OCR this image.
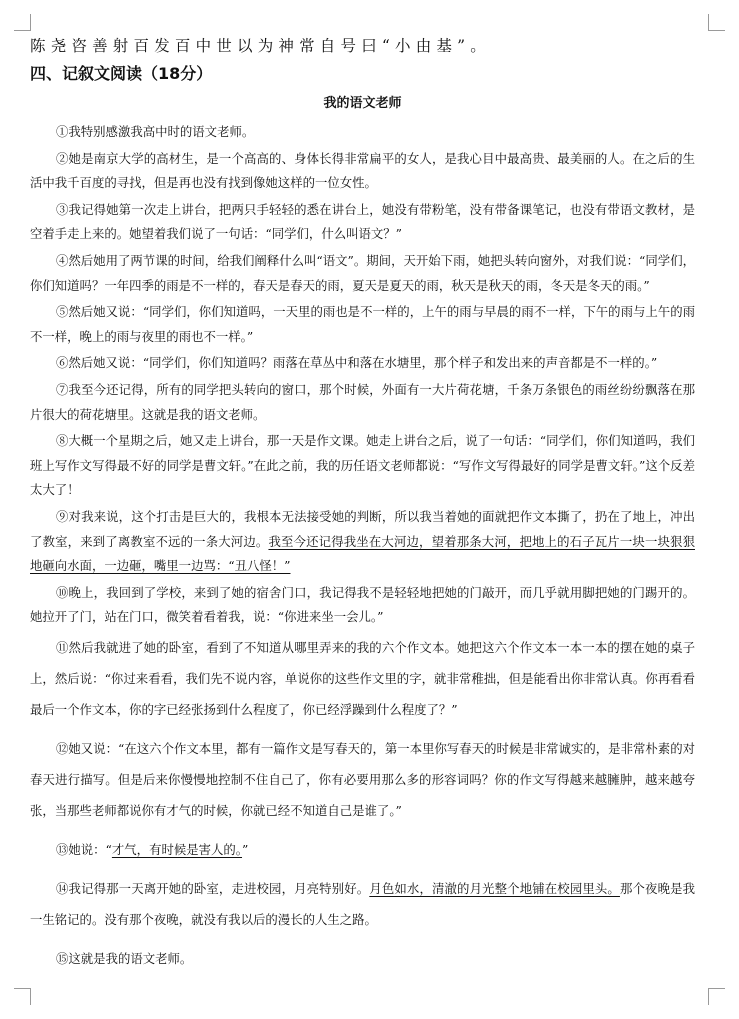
陈尧咨善射百发百中世以为神常自号曰“小由基”。

四、记叙文阅读（18分）

我的语文老师

①我特别感激我高中时的语文老师。

②她是南京大学的高材生，是一个高高的、身体长得非常扁平的女人，是我心目中最高贵、最美丽的人。在之后的生活中我千百度的寻找，但是再也没有找到像她这样的一位女性。

③我记得她第一次走上讲台，把两只手轻轻的悉在讲台上，她没有带粉笔，没有带备课笔记，也没有带语文教材，是空着手走上来的。她望着我们说了一句话：“同学们，什么叫语文？”

④然后她用了两节课的时间，给我们阐释什么叫“语文”。期间，天开始下雨，她把头转向窗外，对我们说：“同学们，你们知道吗？一年四季的雨是不一样的，春天是春天的雨，夏天是夏天的雨，秋天是秋天的雨，冬天是冬天的雨。”

⑤然后她又说：“同学们，你们知道吗，一天里的雨也是不一样的，上午的雨与早晨的雨不一样，下午的雨与上午的雨不一样，晚上的雨与夜里的雨也不一样。”

⑥然后她又说：“同学们，你们知道吗？雨落在草丛中和落在水塘里，那个样子和发出来的声音都是不一样的。”

⑦我至今还记得，所有的同学把头转向的窗口，那个时候，外面有一大片荷花塘，千条万条银色的雨丝纷纷飘落在那片很大的荷花塘里。这就是我的语文老师。

⑧大概一个星期之后，她又走上讲台，那一天是作文课。她走上讲台之后，说了一句话：“同学们，你们知道吗，我们班上写作文写得最不好的同学是曹文轩。”在此之前，我的历任语文老师都说：“写作文写得最好的同学是曹文轩。”这个反差太大了！

⑨对我来说，这个打击是巨大的，我根本无法接受她的判断，所以我当着她的面就把作文本撕了，扔在了地上，冲出了教室，来到了离教室不远的一条大河边。我至今还记得我坐在大河边，望着那条大河，把地上的石子瓦片一块一块狠狠地砸向水面，一边砸，嘴里一边骂：“丑八怪！”

⑩晚上，我回到了学校，来到了她的宿舍门口，我记得我不是轻轻地把她的门敲开，而几乎就用脚把她的门踢开的。她拉开了门，站在门口，微笑着看着我，说：“你进来坐一会儿。”

⑪然后我就进了她的卧室，看到了不知道从哪里弄来的我的六个作文本。她把这六个作文本一本一本的摆在她的桌子上，然后说：“你过来看看，我们先不说内容，单说你的这些作文里的字，就非常稚拙，但是能看出你非常认真。你再看看最后一个作文本，你的字已经张扬到什么程度了，你已经浮躁到什么程度了？”

⑫她又说：“在这六个作文本里，都有一篇作文是写春天的，第一本里你写春天的时候是非常诚实的，是非常朴素的对春天进行描写。但是后来你慢慢地控制不住自己了，你有必要用那么多的形容词吗？你的作文写得越来越臃肿，越来越夸张，当那些老师都说你有才气的时候，你就已经不知道自己是谁了。”

⑬她说：“才气，有时候是害人的。”

⑭我记得那一天离开她的卧室，走进校园，月亮特别好。月色如水，清澈的月光整个地铺在校园里头。那个夜晚是我一生铭记的。没有那个夜晚，就没有我以后的漫长的人生之路。

⑮这就是我的语文老师。
